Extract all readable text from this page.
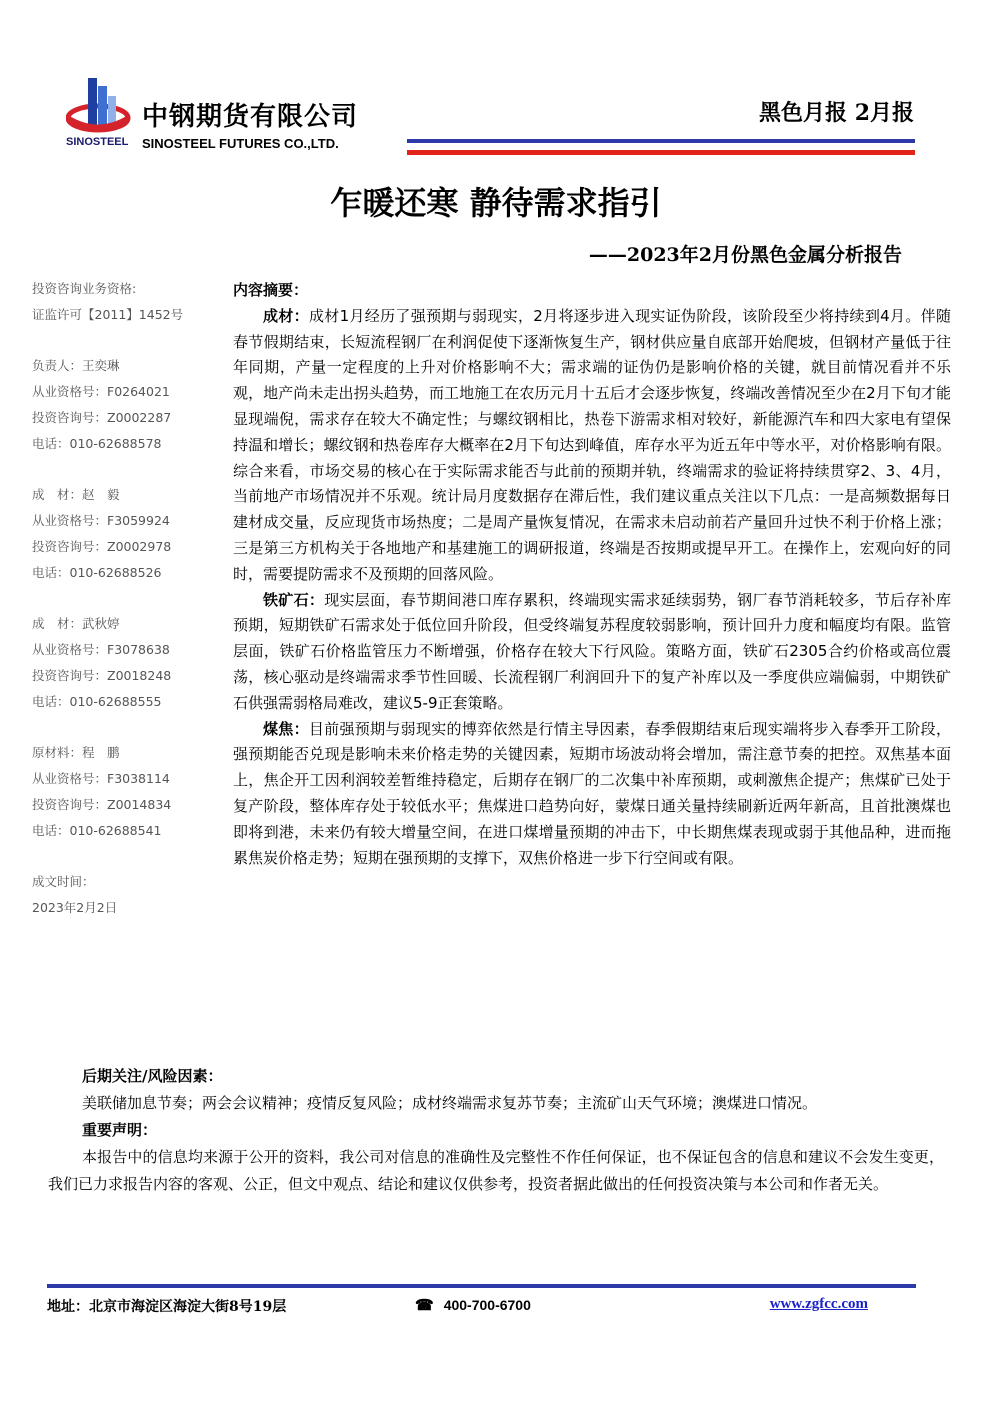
SINOSTEEL
中钢期货有限公司
SINOSTEEL FUTURES CO.,LTD.
黑色月报 2月报
乍暖还寒 静待需求指引
——2023年2月份黑色金属分析报告
投资咨询业务资格:
证监许可【2011】1452号
负责人：王奕琳
从业资格号：F0264021
投资咨询号：Z0002287
电话：010-62688578
成　材：赵　毅
从业资格号：F3059924
投资咨询号：Z0002978
电话：010-62688526
成　材：武秋婷
从业资格号：F3078638
投资咨询号：Z0018248
电话：010-62688555
原材料：程　鹏
从业资格号：F3038114
投资咨询号：Z0014834
电话：010-62688541
成文时间：
2023年2月2日
内容摘要：

成材：成材1月经历了强预期与弱现实，2月将逐步进入现实证伪阶段，该阶段至少将持续到4月。伴随春节假期结束，长短流程钢厂在利润促使下逐渐恢复生产，钢材供应量自底部开始爬坡，但钢材产量低于往年同期，产量一定程度的上升对价格影响不大；需求端的证伪仍是影响价格的关键，就目前情况看并不乐观，地产尚未走出拐头趋势，而工地施工在农历元月十五后才会逐步恢复，终端改善情况至少在2月下旬才能显现端倪，需求存在较大不确定性；与螺纹钢相比，热卷下游需求相对较好，新能源汽车和四大家电有望保持温和增长；螺纹钢和热卷库存大概率在2月下旬达到峰值，库存水平为近五年中等水平，对价格影响有限。综合来看，市场交易的核心在于实际需求能否与此前的预期并轨，终端需求的验证将持续贯穿2、3、4月，当前地产市场情况并不乐观。统计局月度数据存在滞后性，我们建议重点关注以下几点：一是高频数据每日建材成交量，反应现货市场热度；二是周产量恢复情况，在需求未启动前若产量回升过快不利于价格上涨；三是第三方机构关于各地地产和基建施工的调研报道，终端是否按期或提早开工。在操作上，宏观向好的同时，需要提防需求不及预期的回落风险。

铁矿石：现实层面，春节期间港口库存累积，终端现实需求延续弱势，钢厂春节消耗较多，节后存补库预期，短期铁矿石需求处于低位回升阶段，但受终端复苏程度较弱影响，预计回升力度和幅度均有限。监管层面，铁矿石价格监管压力不断增强，价格存在较大下行风险。策略方面，铁矿石2305合约价格或高位震荡，核心驱动是终端需求季节性回暖、长流程钢厂利润回升下的复产补库以及一季度供应端偏弱，中期铁矿石供强需弱格局难改，建议5-9正套策略。

煤焦：目前强预期与弱现实的博弈依然是行情主导因素，春季假期结束后现实端将步入春季开工阶段，强预期能否兑现是影响未来价格走势的关键因素，短期市场波动将会增加，需注意节奏的把控。双焦基本面上，焦企开工因利润较差暂维持稳定，后期存在钢厂的二次集中补库预期，或刺激焦企提产；焦煤矿已处于复产阶段，整体库存处于较低水平；焦煤进口趋势向好，蒙煤日通关量持续刷新近两年新高，且首批澳煤也即将到港，未来仍有较大增量空间，在进口煤增量预期的冲击下，中长期焦煤表现或弱于其他品种，进而拖累焦炭价格走势；短期在强预期的支撑下，双焦价格进一步下行空间或有限。

后期关注/风险因素：
美联储加息节奏；两会会议精神；疫情反复风险；成材终端需求复苏节奏；主流矿山天气环境；澳煤进口情况。
重要声明：
本报告中的信息均来源于公开的资料，我公司对信息的准确性及完整性不作任何保证，也不保证包含的信息和建议不会发生变更，我们已力求报告内容的客观、公正，但文中观点、结论和建议仅供参考，投资者据此做出的任何投资决策与本公司和作者无关。
地址：北京市海淀区海淀大街8号19层	☎ 400-700-6700	www.zgfcc.com
